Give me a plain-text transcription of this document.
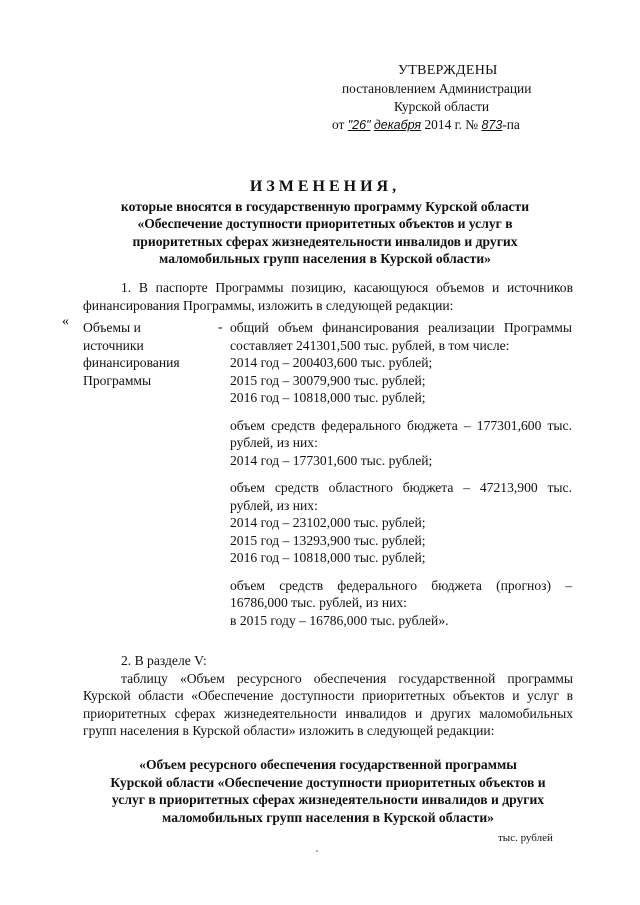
УТВЕРЖДЕНЫ
постановлением Администрации
Курской области
от "26" декабря 2014 г. № 873-па
ИЗМЕНЕНИЯ,
которые вносятся в государственную программу Курской области
«Обеспечение доступности приоритетных объектов и услуг в
приоритетных сферах жизнедеятельности инвалидов и других
маломобильных групп населения в Курской области»
1. В паспорте Программы позицию, касающуюся объемов и источников финансирования Программы, изложить в следующей редакции:
« Объемы и источники финансирования Программы
- общий объем финансирования реализации Программы составляет 241301,500 тыс. рублей, в том числе:

2014 год – 200403,600 тыс. рублей;

2015 год – 30079,900 тыс. рублей;

2016 год – 10818,000 тыс. рублей;

объем средств федерального бюджета – 177301,600 тыс. рублей, из них:

2014 год – 177301,600 тыс. рублей;

объем средств областного бюджета – 47213,900 тыс. рублей, из них:

2014 год – 23102,000 тыс. рублей;

2015 год – 13293,900 тыс. рублей;

2016 год – 10818,000 тыс. рублей;

объем средств федерального бюджета (прогноз) – 16786,000 тыс. рублей, из них:

в 2015 году – 16786,000 тыс. рублей».

2. В разделе V:
таблицу «Объем ресурсного обеспечения государственной программы Курской области «Обеспечение доступности приоритетных объектов и услуг в приоритетных сферах жизнедеятельности инвалидов и других маломобильных групп населения в Курской области» изложить в следующей редакции:
«Объем ресурсного обеспечения государственной программы
Курской области «Обеспечение доступности приоритетных объектов и
услуг в приоритетных сферах жизнедеятельности инвалидов и других
маломобильных групп населения в Курской области»
тыс. рублей
